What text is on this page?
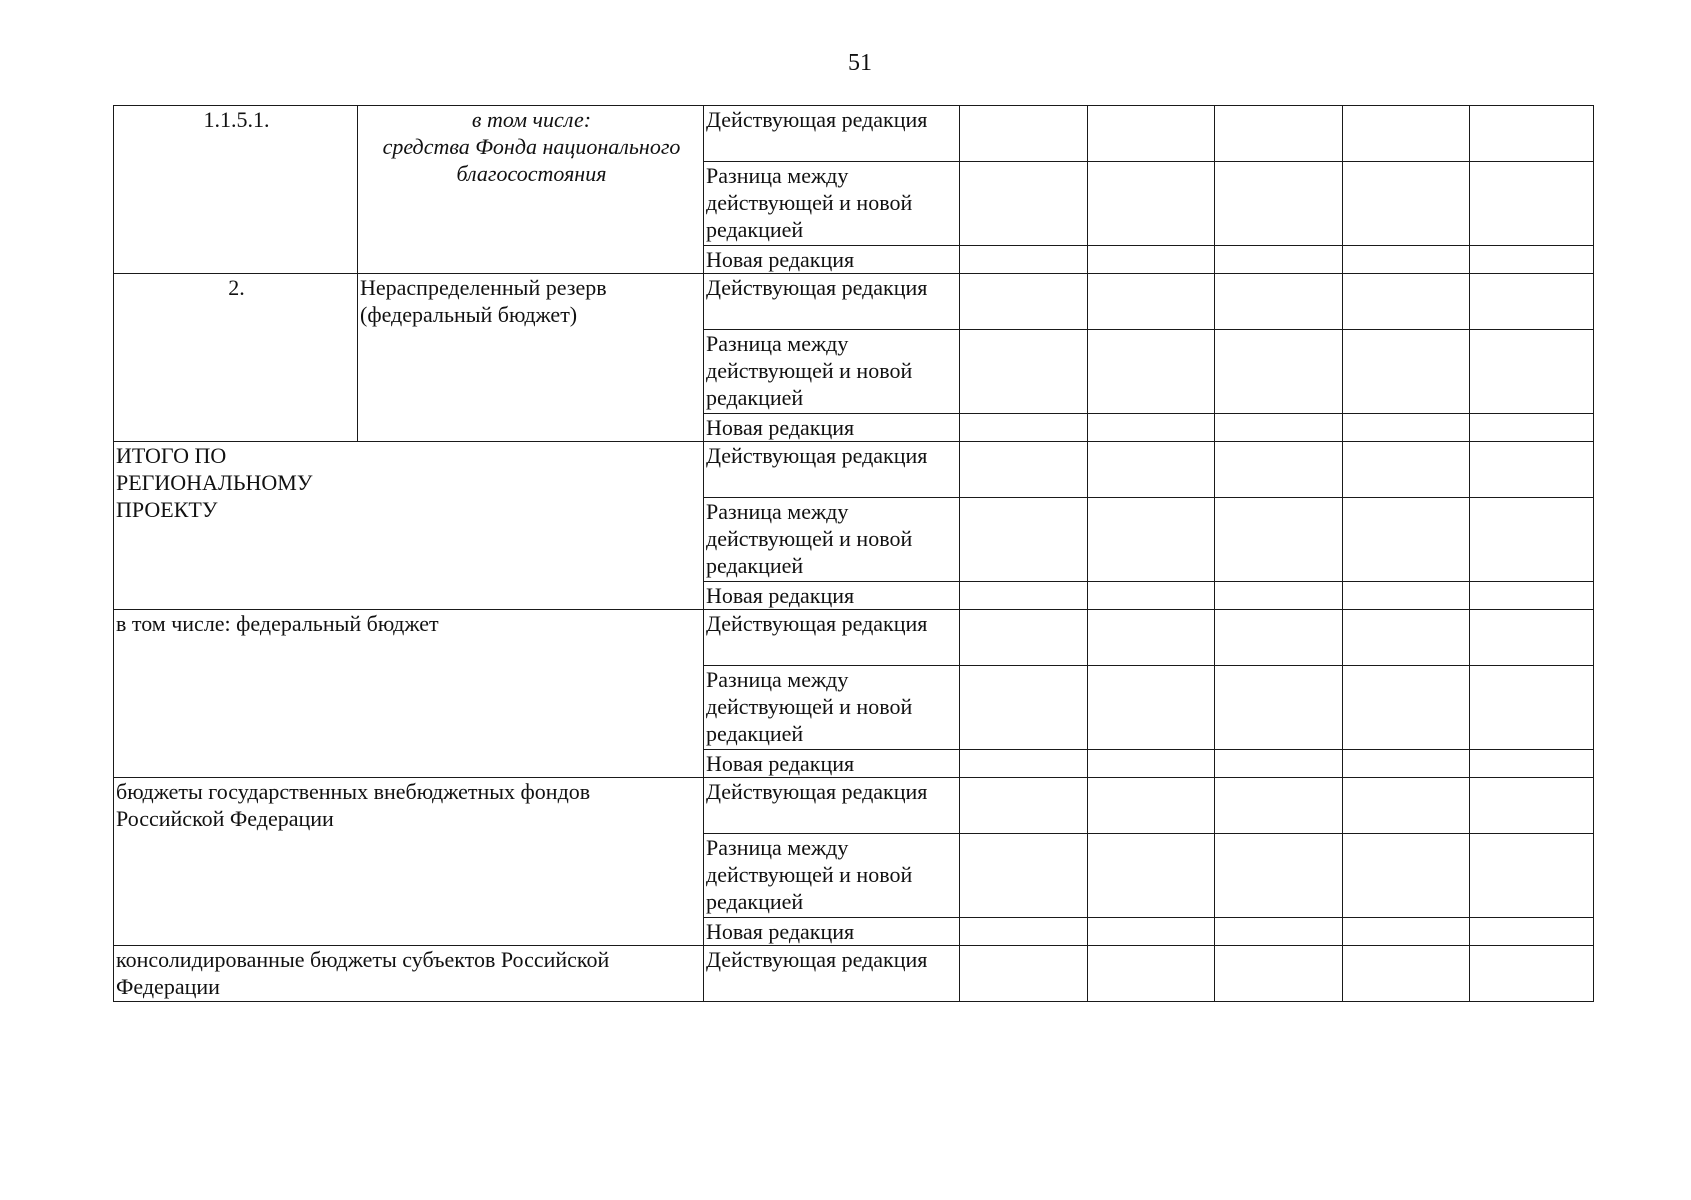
51
1.1.5.1.	в том числе:
средства Фонда национального
благосостояния	Действующая редакция					

		Разница между
действующей и новой
редакцией					

		Новая редакция					
2.	Нераспределенный резерв
(федеральный бюджет)	Действующая редакция					

		Разница между
действующей и новой
редакцией					

		Новая редакция					

ИТОГО ПО
РЕГИОНАЛЬНОМУ
ПРОЕКТУ		Действующая редакция					

		Разница между
действующей и новой
редакцией					

		Новая редакция					

в том числе: федеральный бюджет		Действующая редакция					

		Разница между
действующей и новой
редакцией					

		Новая редакция					

бюджеты государственных внебюджетных фондов
Российской Федерации		Действующая редакция					

		Разница между
действующей и новой
редакцией					

		Новая редакция					

консолидированные бюджеты субъектов Российской
Федерации		Действующая редакция					
